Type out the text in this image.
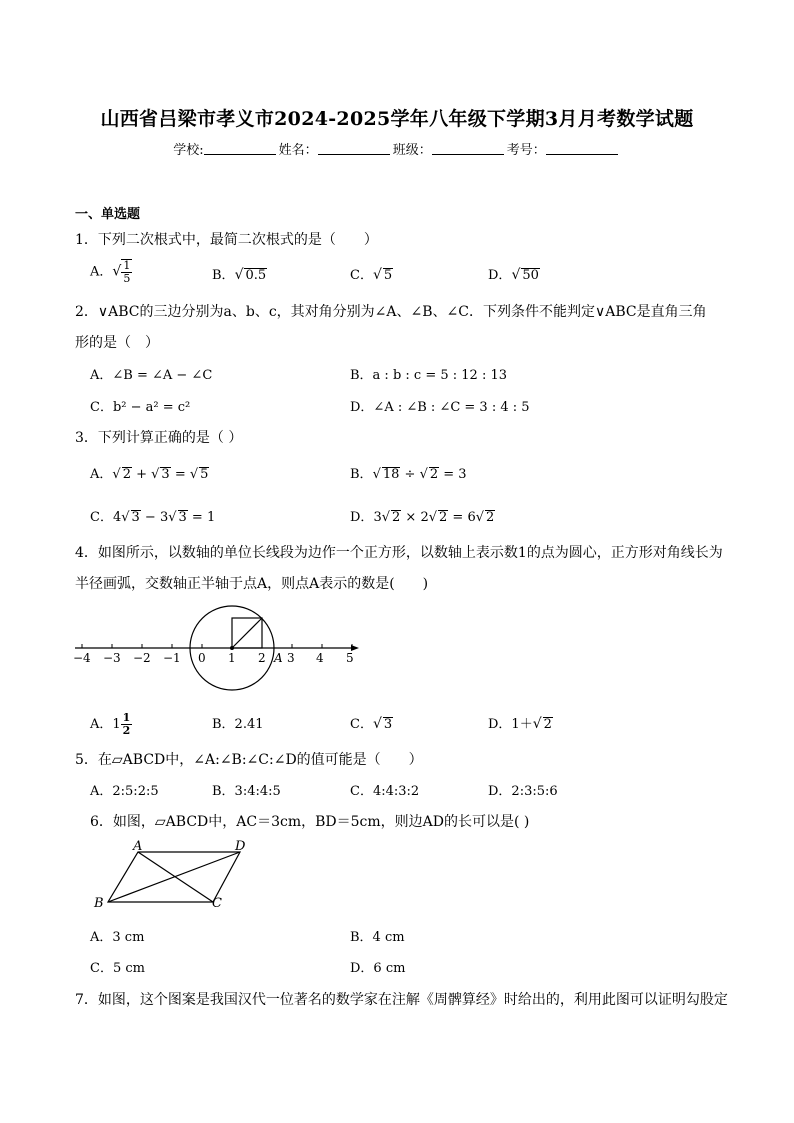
山西省吕梁市孝义市2024-2025学年八年级下学期3月月考数学试题
学校:	姓名：	班级：	考号：
一、单选题
1．下列二次根式中，最简二次根式的是（　　）
A．√ $\frac{1}{5}$	B．√ 0.5	C．√ 5	D．√ 50
2．∨ABC的三边分别为a、b、c，其对角分别为∠A、∠B、∠C．下列条件不能判定∨ABC是直角三角
形的是（　）
A．∠B = ∠A − ∠C	B．a : b : c = 5 : 12 : 13
C．b² − a² = c²	D．∠A : ∠B : ∠C = 3 : 4 : 5
3．下列计算正确的是（ ）
A．√ 2 + √ 3 = √ 5	B．√ 18 ÷ √ 2 = 3
C．4√ 3 − 3√ 3 = 1	D．3√ 2 × 2√ 2 = 6√ 2
4．如图所示，以数轴的单位长线段为边作一个正方形，以数轴上表示数1的点为圆心，正方形对角线长为
半径画弧，交数轴正半轴于点A，则点A表示的数是(　　)
−4 −3 −2 −1 0 1 2 A 3 4 5
A．$1 \frac{1}{2}$	B．2.41	C．√ 3	D．1＋√ 2
5．在▱ABCD中，∠A:∠B:∠C:∠D的值可能是（　　）
A．2:5:2:5	B．3:4:4:5	C．4:4:3:2	D．2:3:5:6
6．如图，▱ABCD中，AC＝3cm，BD＝5cm，则边AD的长可以是( )
A	D
B	C
A．3 cm	B．4 cm
C．5 cm	D．6 cm
7．如图，这个图案是我国汉代一位著名的数学家在注解《周髀算经》时给出的，利用此图可以证明勾股定
